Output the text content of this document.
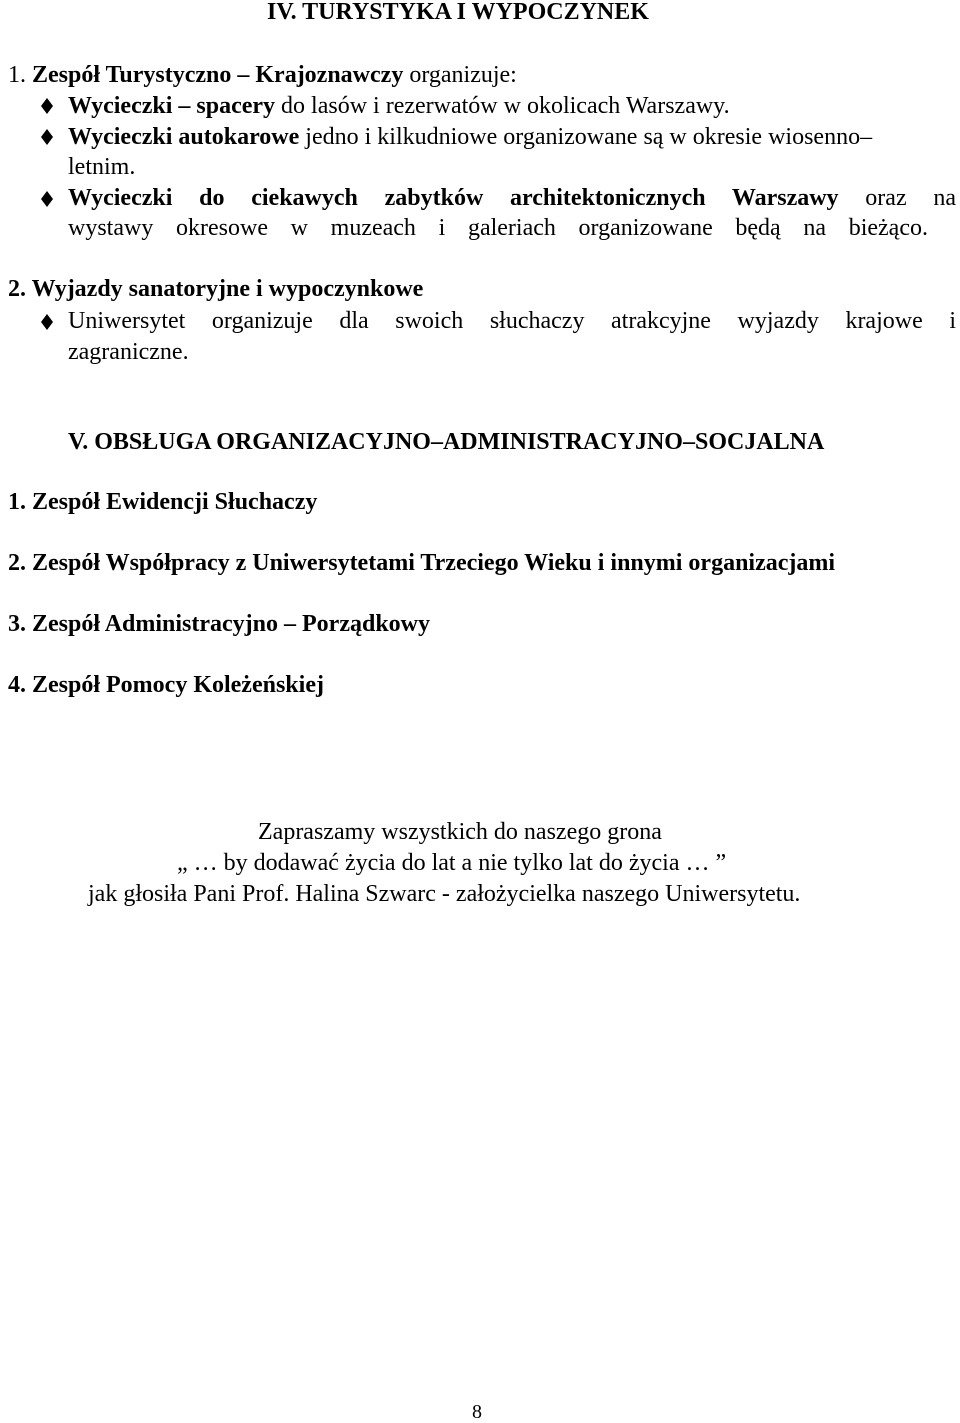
IV. TURYSTYKA I WYPOCZYNEK
1. Zespół Turystyczno – Krajoznawczy organizuje:
Wycieczki – spacery do lasów i rezerwatów w okolicach Warszawy.
Wycieczki autokarowe jedno i kilkudniowe organizowane są w okresie wiosenno–
letnim.
Wycieczki do ciekawych zabytków architektonicznych Warszawy oraz na
wystawy okresowe w muzeach i galeriach organizowane będą na bieżąco.
2. Wyjazdy sanatoryjne i wypoczynkowe
Uniwersytet organizuje dla swoich słuchaczy atrakcyjne wyjazdy krajowe i
zagraniczne.
V. OBSŁUGA ORGANIZACYJNO–ADMINISTRACYJNO–SOCJALNA
1. Zespół Ewidencji Słuchaczy
2. Zespół Współpracy z Uniwersytetami Trzeciego Wieku i innymi organizacjami
3. Zespół Administracyjno – Porządkowy
4. Zespół Pomocy Koleżeńskiej
Zapraszamy wszystkich do naszego grona
„ … by dodawać życia do lat a nie tylko lat do życia … ”
jak głosiła Pani Prof. Halina Szwarc - założycielka naszego Uniwersytetu.
8
